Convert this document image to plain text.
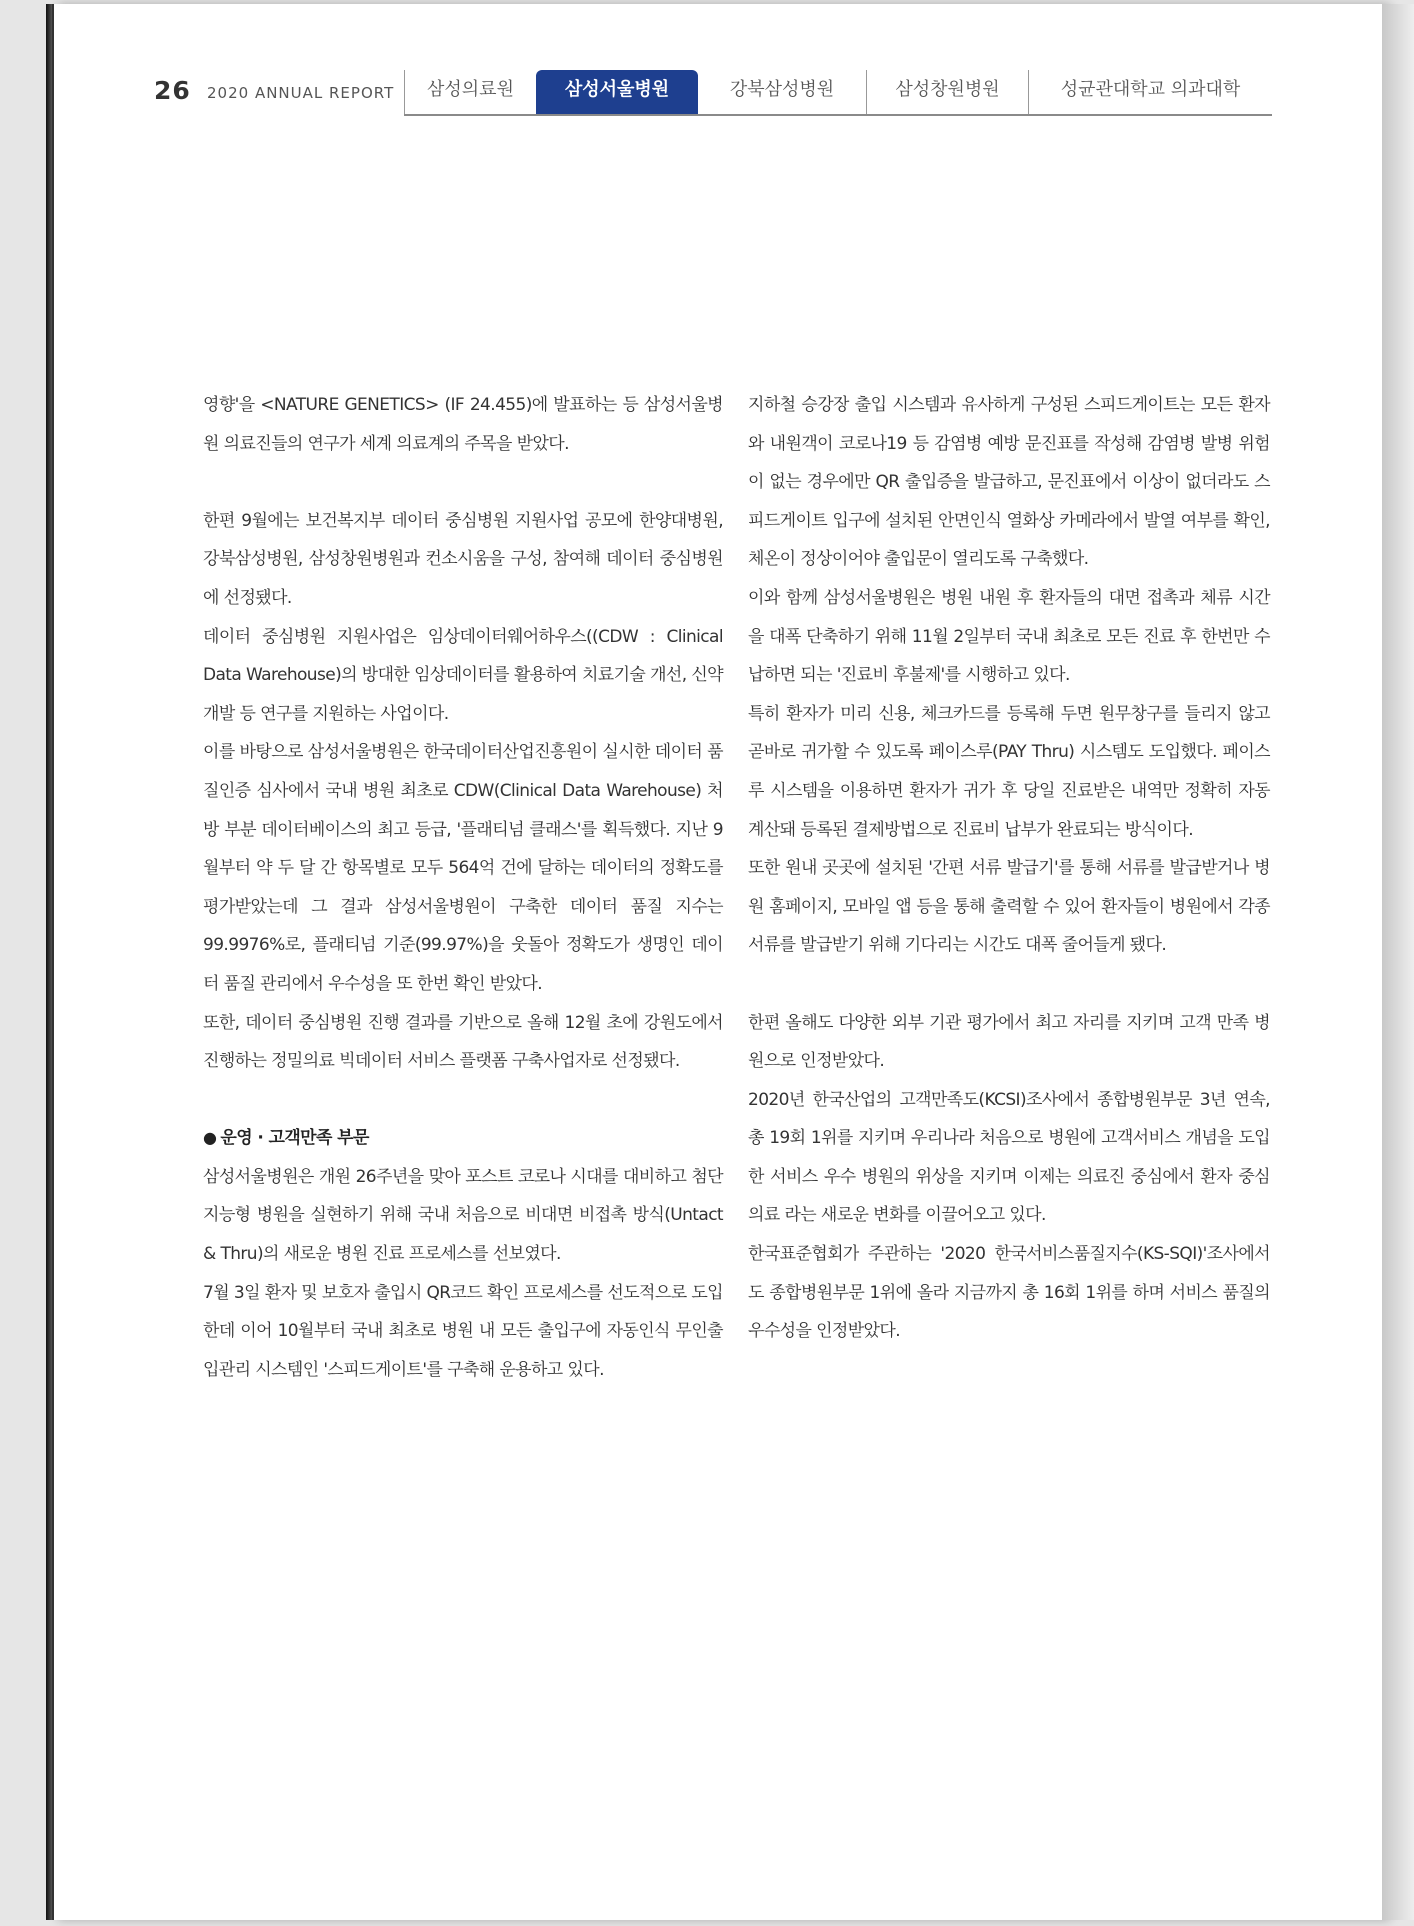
26 2020 ANNUAL REPORT	삼성의료원	삼성서울병원	강북삼성병원	삼성창원병원	성균관대학교 의과대학

영향'을 <NATURE GENETICS> (IF 24.455)에 발표하는 등 삼성서울병원 의료진들의 연구가 세계 의료계의 주목을 받았다.

한편 9월에는 보건복지부 데이터 중심병원 지원사업 공모에 한양대병원, 강북삼성병원, 삼성창원병원과 컨소시움을 구성, 참여해 데이터 중심병원에 선정됐다.

데이터 중심병원 지원사업은 임상데이터웨어하우스((CDW : Clinical Data Warehouse)의 방대한 임상데이터를 활용하여 치료기술 개선, 신약개발 등 연구를 지원하는 사업이다.

이를 바탕으로 삼성서울병원은 한국데이터산업진흥원이 실시한 데이터 품질인증 심사에서 국내 병원 최초로 CDW(Clinical Data Warehouse) 처방 부분 데이터베이스의 최고 등급, '플래티넘 클래스'를 획득했다. 지난 9월부터 약 두 달 간 항목별로 모두 564억 건에 달하는 데이터의 정확도를 평가받았는데 그 결과 삼성서울병원이 구축한 데이터 품질 지수는 99.9976%로, 플래티넘 기준(99.97%)을 웃돌아 정확도가 생명인 데이터 품질 관리에서 우수성을 또 한번 확인 받았다.

또한, 데이터 중심병원 진행 결과를 기반으로 올해 12월 초에 강원도에서 진행하는 정밀의료 빅데이터 서비스 플랫폼 구축사업자로 선정됐다.

● 운영 · 고객만족 부문

삼성서울병원은 개원 26주년을 맞아 포스트 코로나 시대를 대비하고 첨단 지능형 병원을 실현하기 위해 국내 처음으로 비대면 비접촉 방식(Untact & Thru)의 새로운 병원 진료 프로세스를 선보였다.

7월 3일 환자 및 보호자 출입시 QR코드 확인 프로세스를 선도적으로 도입한데 이어 10월부터 국내 최초로 병원 내 모든 출입구에 자동인식 무인출입관리 시스템인 '스피드게이트'를 구축해 운용하고 있다.

지하철 승강장 출입 시스템과 유사하게 구성된 스피드게이트는 모든 환자와 내원객이 코로나19 등 감염병 예방 문진표를 작성해 감염병 발병 위험이 없는 경우에만 QR 출입증을 발급하고, 문진표에서 이상이 없더라도 스피드게이트 입구에 설치된 안면인식 열화상 카메라에서 발열 여부를 확인, 체온이 정상이어야 출입문이 열리도록 구축했다.

이와 함께 삼성서울병원은 병원 내원 후 환자들의 대면 접촉과 체류 시간을 대폭 단축하기 위해 11월 2일부터 국내 최초로 모든 진료 후 한번만 수납하면 되는 '진료비 후불제'를 시행하고 있다.

특히 환자가 미리 신용, 체크카드를 등록해 두면 원무창구를 들리지 않고 곧바로 귀가할 수 있도록 페이스루(PAY Thru) 시스템도 도입했다. 페이스루 시스템을 이용하면 환자가 귀가 후 당일 진료받은 내역만 정확히 자동 계산돼 등록된 결제방법으로 진료비 납부가 완료되는 방식이다.

또한 원내 곳곳에 설치된 '간편 서류 발급기'를 통해 서류를 발급받거나 병원 홈페이지, 모바일 앱 등을 통해 출력할 수 있어 환자들이 병원에서 각종 서류를 발급받기 위해 기다리는 시간도 대폭 줄어들게 됐다.

한편 올해도 다양한 외부 기관 평가에서 최고 자리를 지키며 고객 만족 병원으로 인정받았다.

2020년 한국산업의 고객만족도(KCSI)조사에서 종합병원부문 3년 연속, 총 19회 1위를 지키며 우리나라 처음으로 병원에 고객서비스 개념을 도입한 서비스 우수 병원의 위상을 지키며 이제는 의료진 중심에서 환자 중심 의료 라는 새로운 변화를 이끌어오고 있다.

한국표준협회가 주관하는 '2020 한국서비스품질지수(KS-SQI)'조사에서도 종합병원부문 1위에 올라 지금까지 총 16회 1위를 하며 서비스 품질의 우수성을 인정받았다.
